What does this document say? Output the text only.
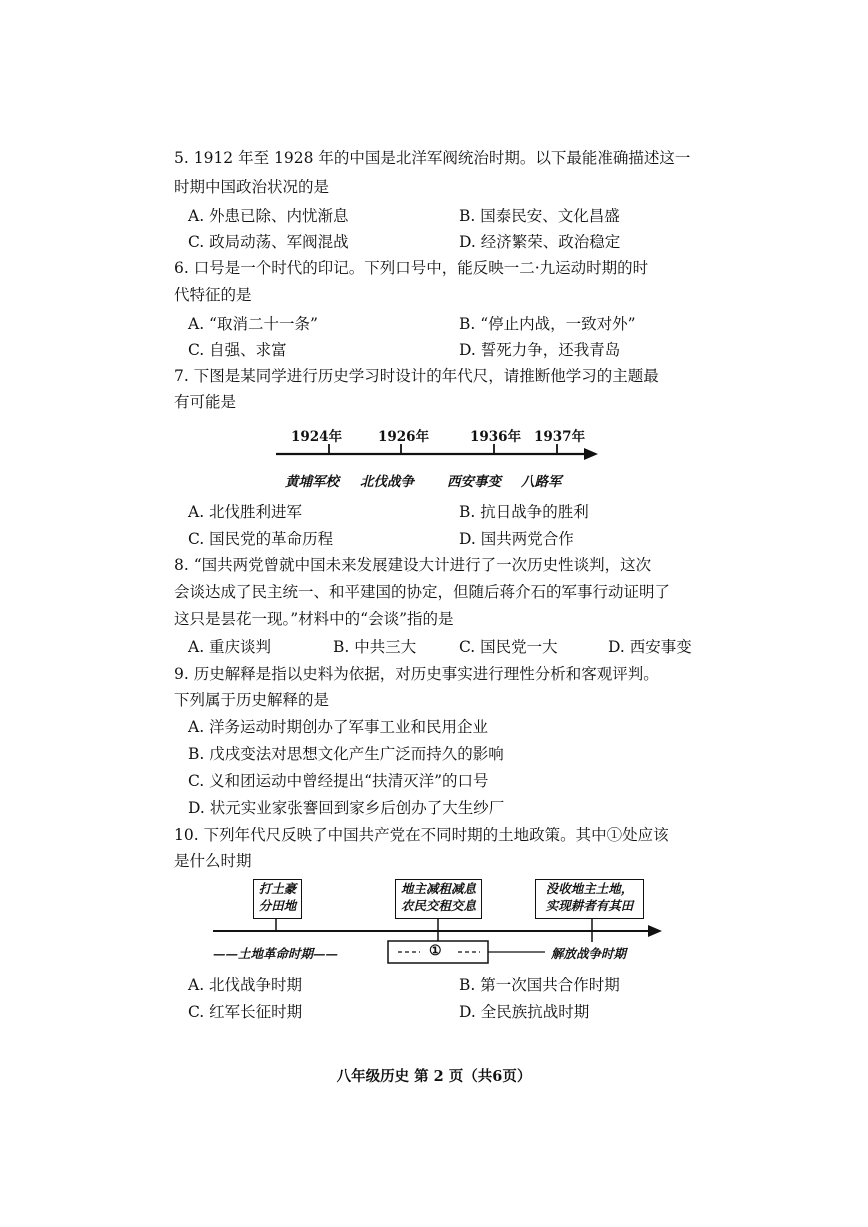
5. 1912 年至 1928 年的中国是北洋军阀统治时期。以下最能准确描述这一
时期中国政治状况的是
A. 外患已除、内忧渐息	B. 国泰民安、文化昌盛
C. 政局动荡、军阀混战	D. 经济繁荣、政治稳定
6. 口号是一个时代的印记。下列口号中，能反映一二·九运动时期的时
代特征的是
A. “取消二十一条”	B. “停止内战，一致对外”
C. 自强、求富	D. 誓死力争，还我青岛
7. 下图是某同学进行历史学习时设计的年代尺，请推断他学习的主题最
有可能是
1924年	1926年	1936年 1937年
黄埔军校 北伐战争 西安事变 八路军
A. 北伐胜利进军	B. 抗日战争的胜利
C. 国民党的革命历程	D. 国共两党合作
8. “国共两党曾就中国未来发展建设大计进行了一次历史性谈判，这次
会谈达成了民主统一、和平建国的协定，但随后蒋介石的军事行动证明了
这只是昙花一现。”材料中的“会谈”指的是
A. 重庆谈判	B. 中共三大	C. 国民党一大	D. 西安事变
9. 历史解释是指以史料为依据，对历史事实进行理性分析和客观评判。
下列属于历史解释的是
A. 洋务运动时期创办了军事工业和民用企业
B. 戊戌变法对思想文化产生广泛而持久的影响
C. 义和团运动中曾经提出“扶清灭洋”的口号
D. 状元实业家张謇回到家乡后创办了大生纱厂
10. 下列年代尺反映了中国共产党在不同时期的土地政策。其中①处应该
是什么时期
打土豪
分田地
地主减租减息
农民交租交息
没收地主土地，
实现耕者有其田
——土地革命时期——	①	解放战争时期
A. 北伐战争时期	B. 第一次国共合作时期
C. 红军长征时期	D. 全民族抗战时期
八年级历史 第 2 页（共6页）
